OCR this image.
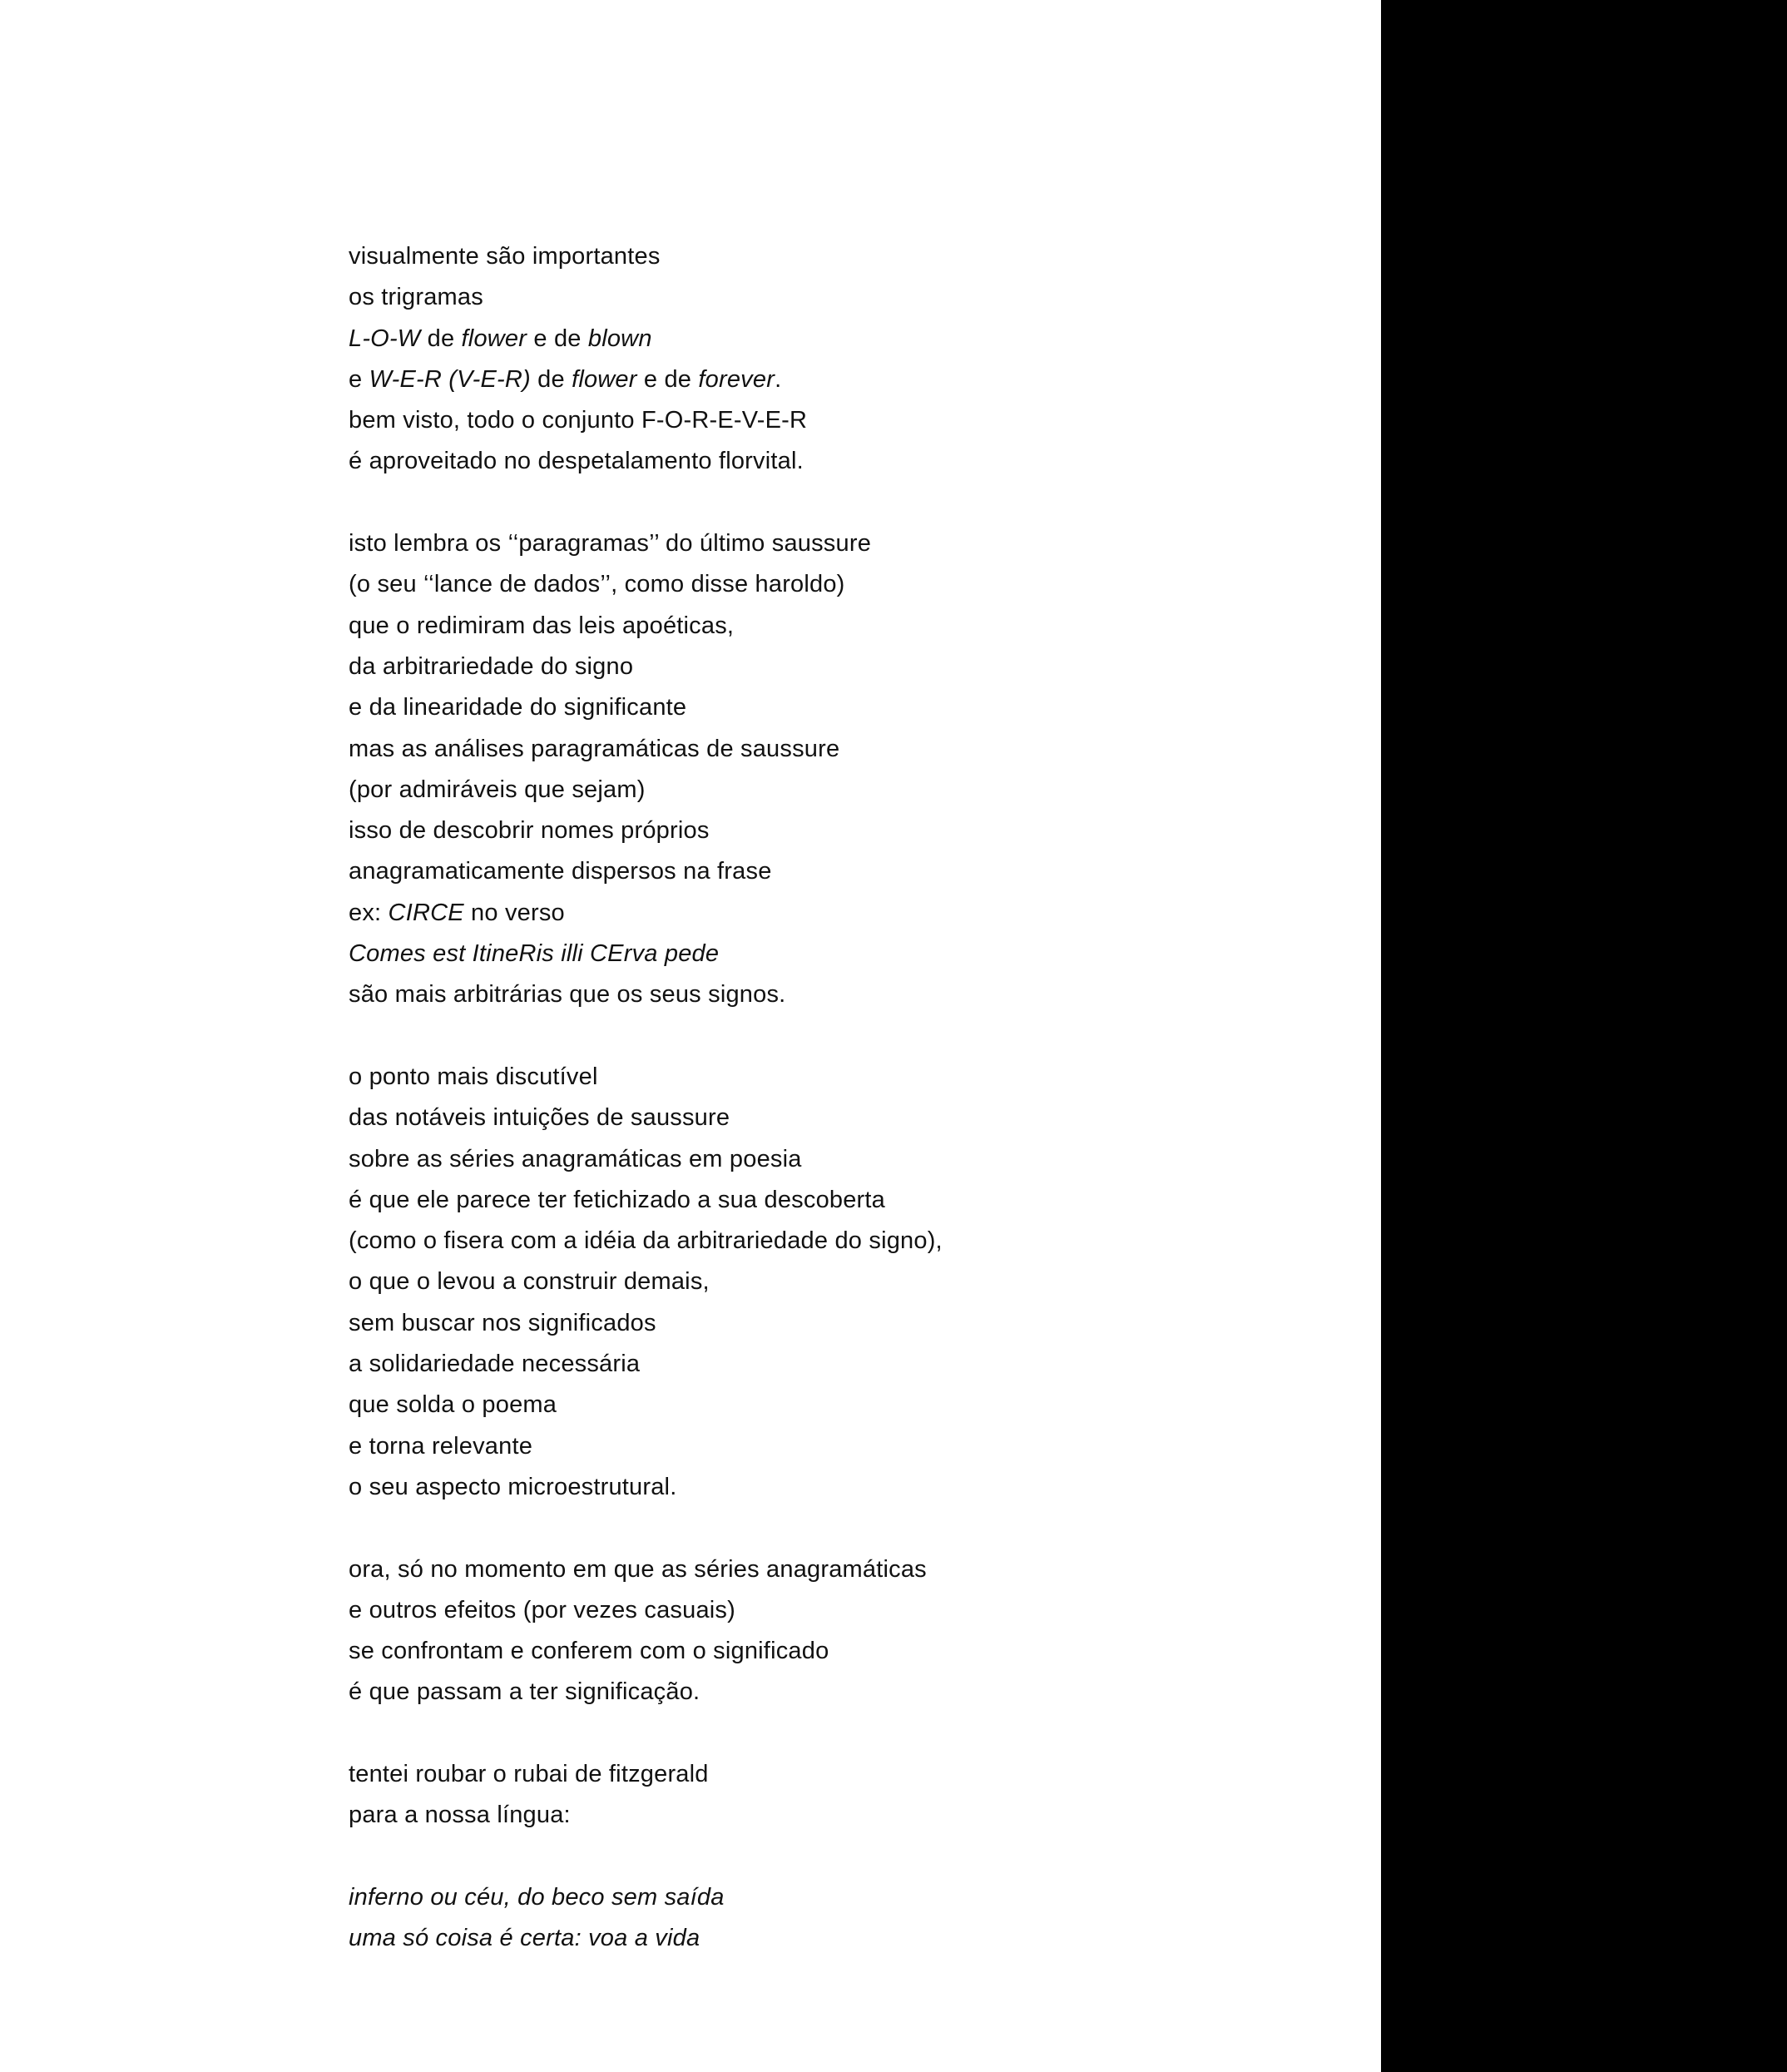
visualmente são importantes
os trigramas
L-O-W de flower e de blown
e W-E-R (V-E-R) de flower e de forever.
bem visto, todo o conjunto F-O-R-E-V-E-R
é aproveitado no despetalamento florvital.
isto lembra os ‘‘paragramas’’ do último saussure
(o seu ‘‘lance de dados’’, como disse haroldo)
que o redimiram das leis apoéticas,
da arbitrariedade do signo
e da linearidade do significante
mas as análises paragramáticas de saussure
(por admiráveis que sejam)
isso de descobrir nomes próprios
anagramaticamente dispersos na frase
ex: CIRCE no verso
Comes est ItineRis illi CErva pede
são mais arbitrárias que os seus signos.
o ponto mais discutível
das notáveis intuições de saussure
sobre as séries anagramáticas em poesia
é que ele parece ter fetichizado a sua descoberta
(como o fisera com a idéia da arbitrariedade do signo),
o que o levou a construir demais,
sem buscar nos significados
a solidariedade necessária
que solda o poema
e torna relevante
o seu aspecto microestrutural.
ora, só no momento em que as séries anagramáticas
e outros efeitos (por vezes casuais)
se confrontam e conferem com o significado
é que passam a ter significação.
tentei roubar o rubai de fitzgerald
para a nossa língua:
inferno ou céu, do beco sem saída
uma só coisa é certa: voa a vida
